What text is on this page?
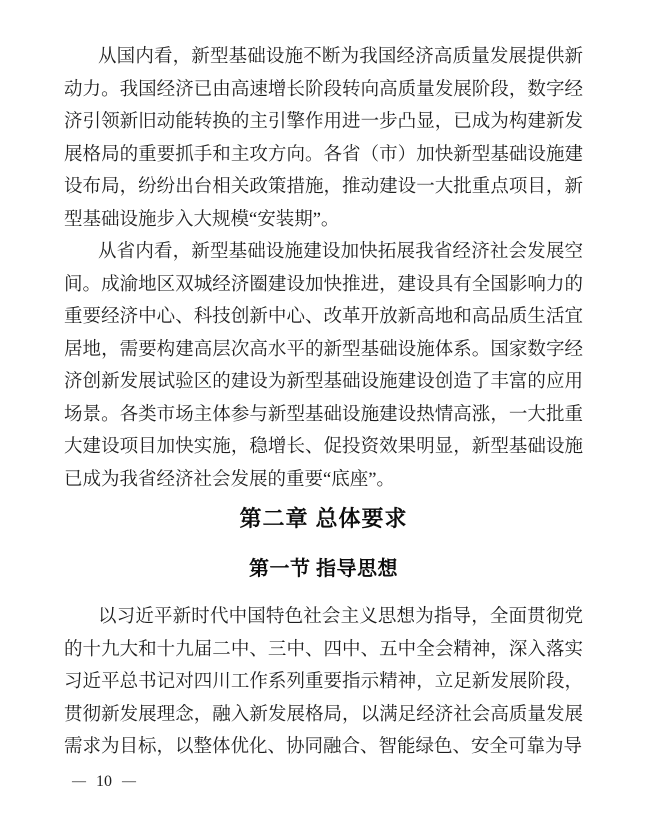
从国内看，新型基础设施不断为我国经济高质量发展提供新动力。我国经济已由高速增长阶段转向高质量发展阶段，数字经济引领新旧动能转换的主引擎作用进一步凸显，已成为构建新发展格局的重要抓手和主攻方向。各省（市）加快新型基础设施建设布局，纷纷出台相关政策措施，推动建设一大批重点项目，新型基础设施步入大规模“安装期”。

从省内看，新型基础设施建设加快拓展我省经济社会发展空间。成渝地区双城经济圈建设加快推进，建设具有全国影响力的重要经济中心、科技创新中心、改革开放新高地和高品质生活宜居地，需要构建高层次高水平的新型基础设施体系。国家数字经济创新发展试验区的建设为新型基础设施建设创造了丰富的应用场景。各类市场主体参与新型基础设施建设热情高涨，一大批重大建设项目加快实施，稳增长、促投资效果明显，新型基础设施已成为我省经济社会发展的重要“底座”。

第二章 总体要求
第一节 指导思想

以习近平新时代中国特色社会主义思想为指导，全面贯彻党的十九大和十九届二中、三中、四中、五中全会精神，深入落实习近平总书记对四川工作系列重要指示精神，立足新发展阶段，贯彻新发展理念，融入新发展格局，以满足经济社会高质量发展需求为目标，以整体优化、协同融合、智能绿色、安全可靠为导

— 10 —
